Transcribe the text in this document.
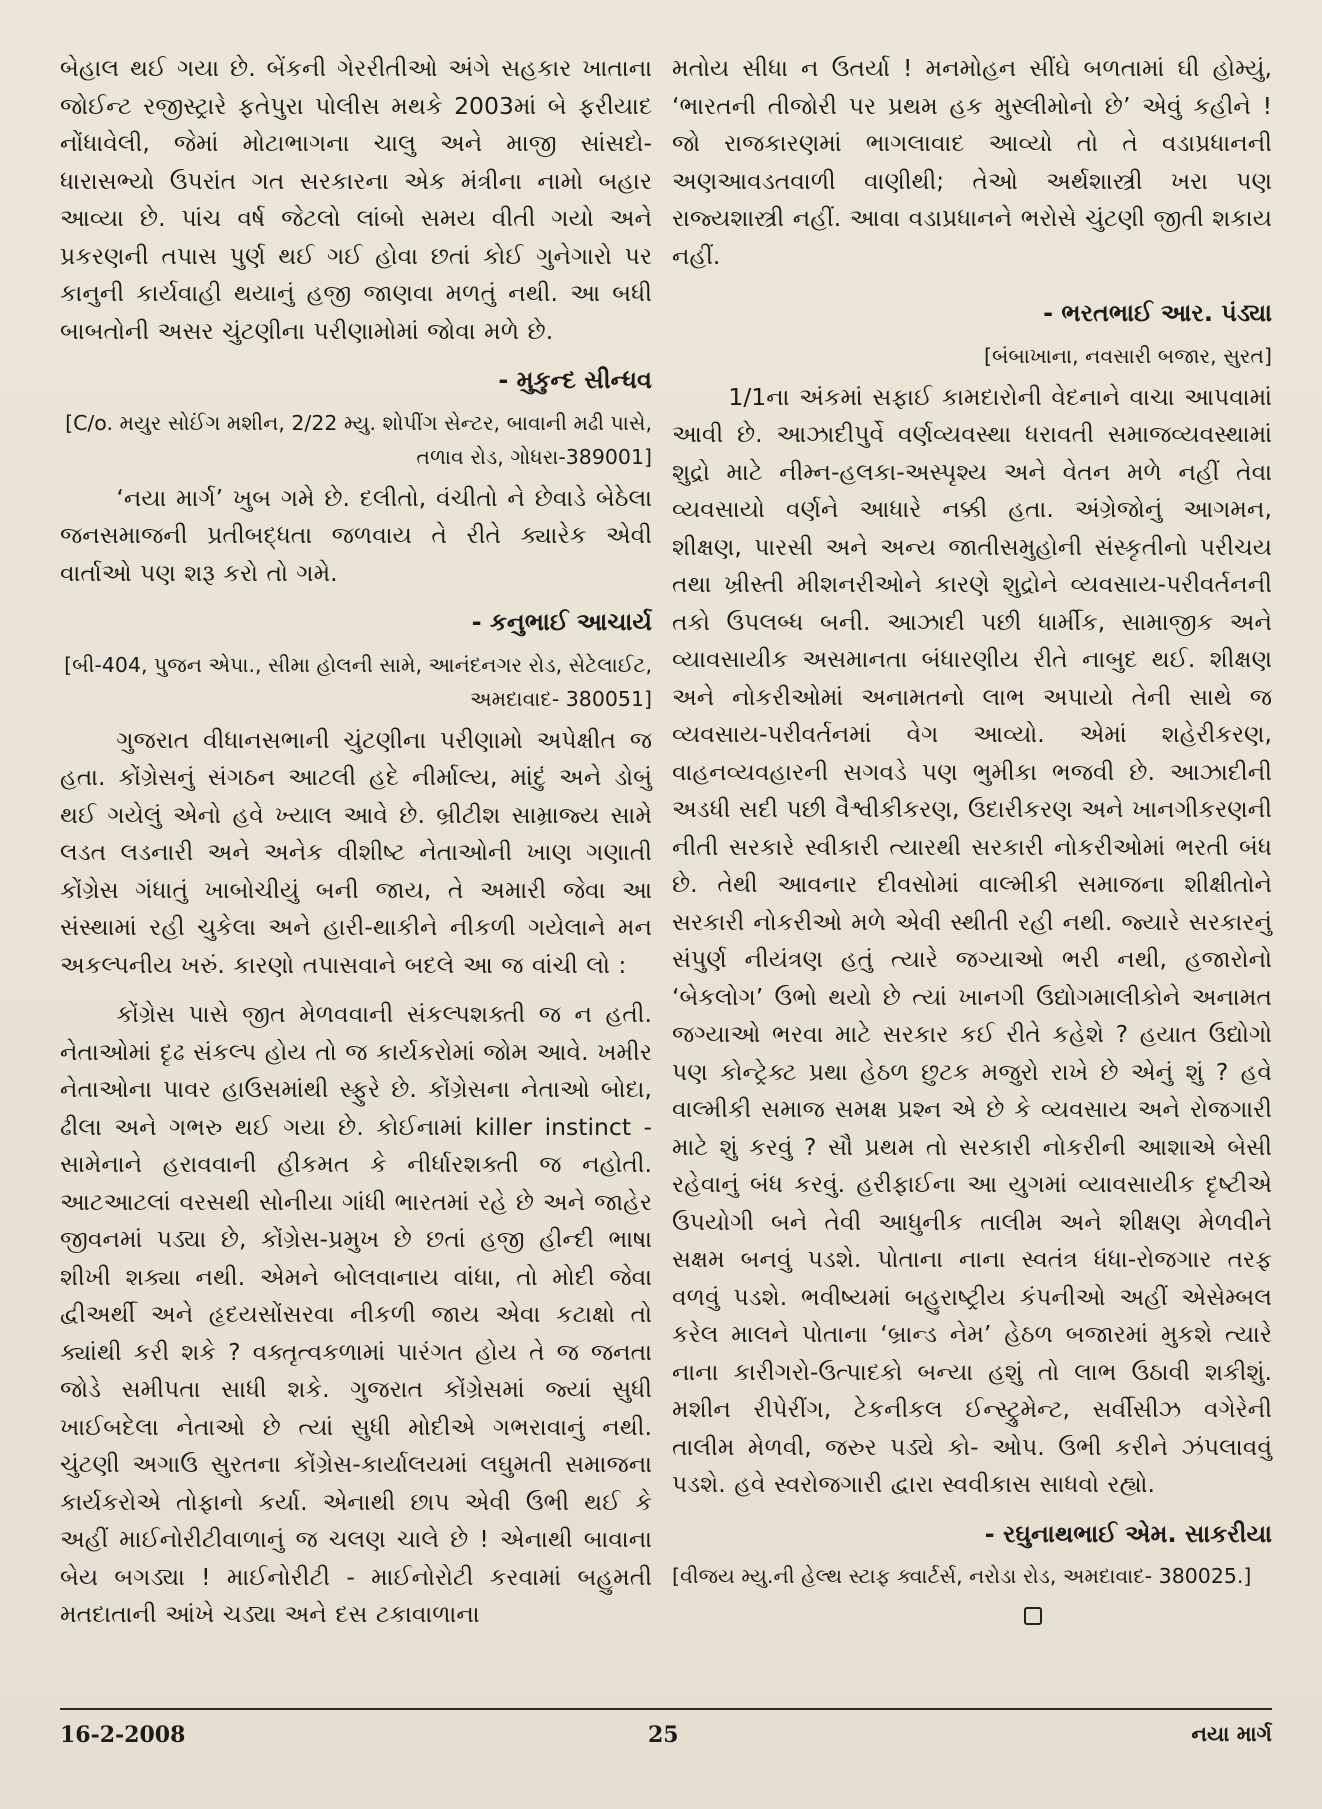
બેહાલ થઈ ગયા છે. બેંકની ગેરરીતીઓ અંગે સહકાર ખાતાના જોઈન્ટ રજીસ્ટ્રારે ફતેપુરા પોલીસ મથકે 2003માં બે ફરીયાદ નોંધાવેલી, જેમાં મોટાભાગના ચાલુ અને માજી સાંસદો- ધારાસભ્યો ઉપરાંત ગત સરકારના એક મંત્રીના નામો બહાર આવ્યા છે. પાંચ વર્ષ જેટલો લાંબો સમય વીતી ગયો અને પ્રકરણની તપાસ પુર્ણ થઈ ગઈ હોવા છતાં કોઈ ગુનેગારો પર કાનુની કાર્યવાહી થયાનું હજી જાણવા મળતું નથી. આ બધી બાબતોની અસર ચુંટણીના પરીણામોમાં જોવા મળે છે.

- મુકુન્દ સીન્ધવ
[C/o. મયુર સોઈંગ મશીન, 2/22 મ્યુ. શોપીંગ સેન્ટર, બાવાની મઢી પાસે, તળાવ રોડ, ગોધરા-389001]

‘નયા માર્ગ’ ખુબ ગમે છે. દલીતો, વંચીતો ને છેવાડે બેઠેલા જનસમાજની પ્રતીબદ્ધતા જળવાય તે રીતે ક્યારેક એવી વાર્તાઓ પણ શરૂ કરો તો ગમે.

- કનુભાઈ આચાર્ય
[બી-404, પુજન એપા., સીમા હોલની સામે, આનંદનગર રોડ, સેટેલાઈટ, અમદાવાદ- 380051]

ગુજરાત વીધાનસભાની ચુંટણીના પરીણામો અપેક્ષીત જ હતા. કોંગ્રેસનું સંગઠન આટલી હદે નીર્માલ્ય, માંદું અને ડોબું થઈ ગયેલું એનો હવે ખ્યાલ આવે છે. બ્રીટીશ સામ્રાજ્ય સામે લડત લડનારી અને અનેક વીશીષ્ટ નેતાઓની ખાણ ગણાતી કોંગ્રેસ ગંધાતું ખાબોચીયું બની જાય, તે અમારી જેવા આ સંસ્થામાં રહી ચુકેલા અને હારી-થાકીને નીકળી ગયેલાને મન અકલ્પનીય ખરું. કારણો તપાસવાને બદલે આ જ વાંચી લો :

કોંગ્રેસ પાસે જીત મેળવવાની સંકલ્પશક્તી જ ન હતી. નેતાઓમાં દૃઢ સંકલ્પ હોય તો જ કાર્યકરોમાં જોમ આવે. ખમીર નેતાઓના પાવર હાઉસમાંથી સ્ફુરે છે. કોંગ્રેસના નેતાઓ બોદા, ઢીલા અને ગભરુ થઈ ગયા છે. કોઈનામાં killer instinct - સામેનાને હરાવવાની હીકમત કે નીર્ધારશક્તી જ નહોતી. આટઆટલાં વરસથી સોનીયા ગાંધી ભારતમાં રહે છે અને જાહેર જીવનમાં પડ્યા છે, કોંગ્રેસ-પ્રમુખ છે છતાં હજી હીન્દી ભાષા શીખી શક્યા નથી. એમને બોલવાનાય વાંધા, તો મોદી જેવા દ્વીઅર્થી અને હૃદયસોંસરવા નીકળી જાય એવા કટાક્ષો તો ક્યાંથી કરી શકે ? વક્તૃત્વકળામાં પારંગત હોય તે જ જનતા જોડે સમીપતા સાધી શકે. ગુજરાત કોંગ્રેસમાં જ્યાં સુધી ખાઈબદેલા નેતાઓ છે ત્યાં સુધી મોદીએ ગભરાવાનું નથી. ચુંટણી અગાઉ સુરતના કોંગ્રેસ-કાર્યાલયમાં લઘુમતી સમાજના કાર્યકરોએ તોફાનો કર્યા. એનાથી છાપ એવી ઉભી થઈ કે અહીં માઈનોરીટીવાળાનું જ ચલણ ચાલે છે ! એનાથી બાવાના બેય બગડ્યા ! માઈનોરીટી - માઈનોરોટી કરવામાં બહુમતી મતદાતાની આંખે ચડ્યા અને દસ ટકાવાળાના

મતોય સીધા ન ઉતર્યા ! મનમોહન સીંઘે બળતામાં ઘી હોમ્યું, ‘ભારતની તીજોરી પર પ્રથમ હક મુસ્લીમોનો છે’ એવું કહીને ! જો રાજકારણમાં ભાગલાવાદ આવ્યો તો તે વડાપ્રધાનની અણઆવડતવાળી વાણીથી; તેઓ અર્થશાસ્ત્રી ખરા પણ રાજ્યશાસ્ત્રી નહીં. આવા વડાપ્રધાનને ભરોસે ચુંટણી જીતી શકાય નહીં.

- ભરતભાઈ આર. પંડ્યા
[બંબાખાના, નવસારી બજાર, સુરત]

1/1ના અંકમાં સફાઈ કામદારોની વેદનાને વાચા આપવામાં આવી છે. આઝાદીપુર્વે વર્ણવ્યવસ્થા ધરાવતી સમાજવ્યવસ્થામાં શુદ્રો માટે નીમ્ન-હલકા-અસ્પૃશ્ય અને વેતન મળે નહીં તેવા વ્યવસાયો વર્ણને આધારે નક્કી હતા. અંગ્રેજોનું આગમન, શીક્ષણ, પારસી અને અન્ય જાતીસમુહોની સંસ્કૃતીનો પરીચય તથા ખ્રીસ્તી મીશનરીઓને કારણે શુદ્રોને વ્યવસાય-પરીવર્તનની તકો ઉપલબ્ધ બની. આઝાદી પછી ધાર્મીક, સામાજીક અને વ્યાવસાયીક અસમાનતા બંધારણીય રીતે નાબુદ થઈ. શીક્ષણ અને નોકરીઓમાં અનામતનો લાભ અપાયો તેની સાથે જ વ્યવસાય-પરીવર્તનમાં વેગ આવ્યો. એમાં શહેરીકરણ, વાહનવ્યવહારની સગવડે પણ ભુમીકા ભજવી છે. આઝાદીની અડધી સદી પછી વૈશ્વીકીકરણ, ઉદારીકરણ અને ખાનગીકરણની નીતી સરકારે સ્વીકારી ત્યારથી સરકારી નોકરીઓમાં ભરતી બંધ છે. તેથી આવનાર દીવસોમાં વાલ્મીકી સમાજના શીક્ષીતોને સરકારી નોકરીઓ મળે એવી સ્થીતી રહી નથી. જ્યારે સરકારનું સંપુર્ણ નીયંત્રણ હતું ત્યારે જગ્યાઓ ભરી નથી, હજારોનો ‘બેકલોગ’ ઉભો થયો છે ત્યાં ખાનગી ઉદ્યોગમાલીકોને અનામત જગ્યાઓ ભરવા માટે સરકાર કઈ રીતે કહેશે ? હયાત ઉદ્યોગો પણ કોન્ટ્રેક્ટ પ્રથા હેઠળ છુટક મજુરો રાખે છે એનું શું ? હવે વાલ્મીકી સમાજ સમક્ષ પ્રશ્ન એ છે કે વ્યવસાય અને રોજગારી માટે શું કરવું ? સૌ પ્રથમ તો સરકારી નોકરીની આશાએ બેસી રહેવાનું બંધ કરવું. હરીફાઈના આ યુગમાં વ્યાવસાયીક દૃષ્ટીએ ઉપયોગી બને તેવી આધુનીક તાલીમ અને શીક્ષણ મેળવીને સક્ષમ બનવું પડશે. પોતાના નાના સ્વતંત્ર ધંધા-રોજગાર તરફ વળવું પડશે. ભવીષ્યમાં બહુરાષ્ટ્રીય કંપનીઓ અહીં એસેમ્બલ કરેલ માલને પોતાના ‘બ્રાન્ડ નેમ’ હેઠળ બજારમાં મુકશે ત્યારે નાના કારીગરો-ઉત્પાદકો બન્યા હશું તો લાભ ઉઠાવી શકીશું. મશીન રીપેરીંગ, ટેકનીકલ ઈન્સ્ટ્રુમેન્ટ, સર્વીસીઝ વગેરેની તાલીમ મેળવી, જરુર પડ્યે કો- ઓપ. ઉભી કરીને ઝંપલાવવું પડશે. હવે સ્વરોજગારી દ્વારા સ્વવીકાસ સાધવો રહ્યો.

- રઘુનાથભાઈ એમ. સાકરીયા
[વીજય મ્યુ.ની હેલ્થ સ્ટાફ ક્વાર્ટર્સ, નરોડા રોડ, અમદાવાદ- 380025.]
16-2-2008	25	નયા માર્ગ
